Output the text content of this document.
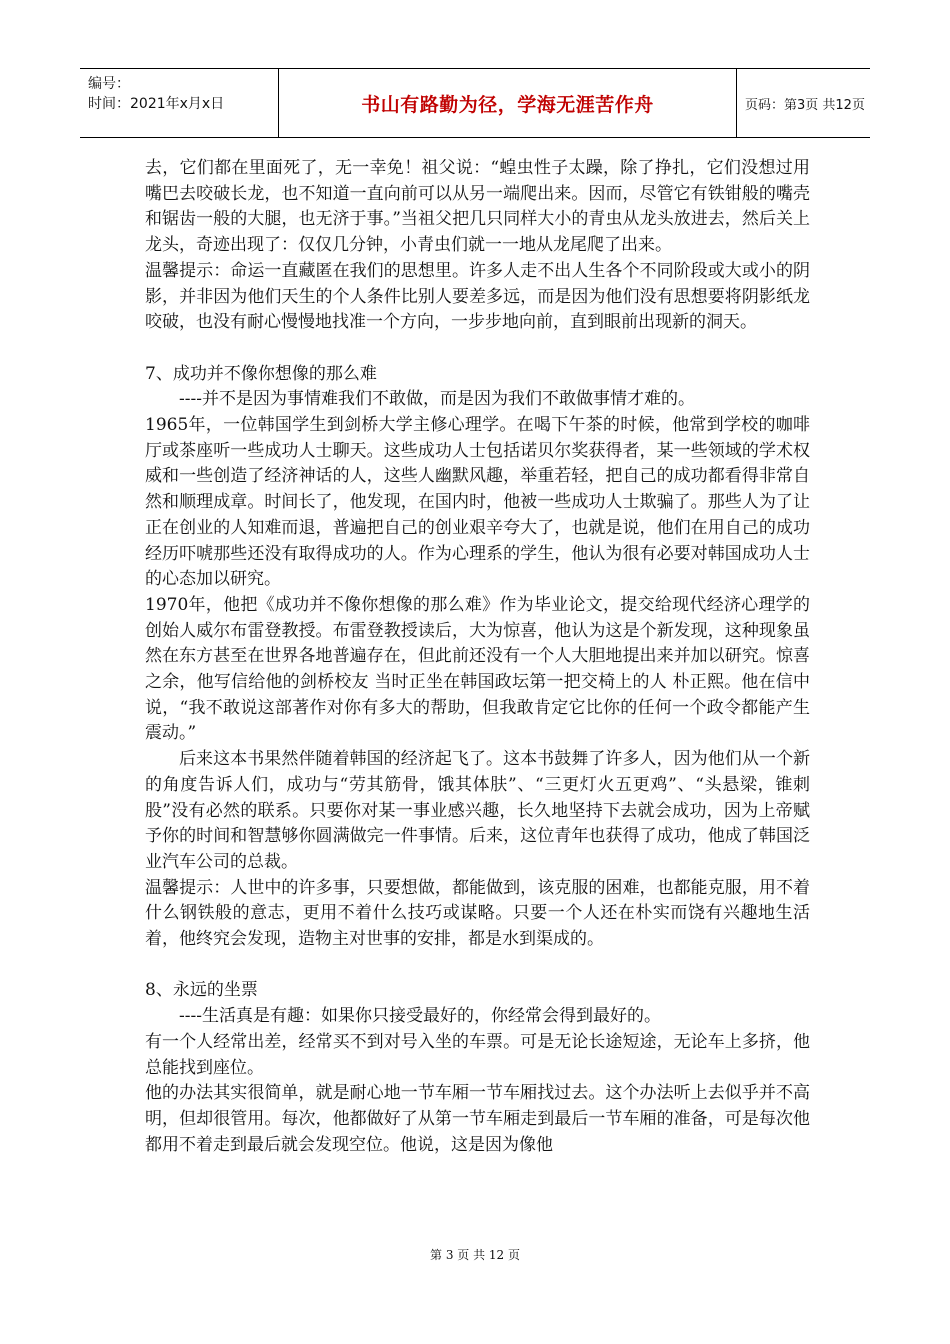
编号：
时间：2021年x月x日	书山有路勤为径，学海无涯苦作舟	页码：第3页 共12页

去，它们都在里面死了，无一幸免！祖父说：“蝗虫性子太躁，除了挣扎，它们没想过用嘴巴去咬破长龙，也不知道一直向前可以从另一端爬出来。因而，尽管它有铁钳般的嘴壳和锯齿一般的大腿，也无济于事。”当祖父把几只同样大小的青虫从龙头放进去，然后关上龙头，奇迹出现了：仅仅几分钟，小青虫们就一一地从龙尾爬了出来。

温馨提示：命运一直藏匿在我们的思想里。许多人走不出人生各个不同阶段或大或小的阴影，并非因为他们天生的个人条件比别人要差多远，而是因为他们没有思想要将阴影纸龙咬破，也没有耐心慢慢地找准一个方向，一步步地向前，直到眼前出现新的洞天。

7、成功并不像你想像的那么难

----并不是因为事情难我们不敢做，而是因为我们不敢做事情才难的。

1965年，一位韩国学生到剑桥大学主修心理学。在喝下午茶的时候，他常到学校的咖啡厅或茶座听一些成功人士聊天。这些成功人士包括诺贝尔奖获得者，某一些领域的学术权威和一些创造了经济神话的人，这些人幽默风趣，举重若轻，把自己的成功都看得非常自然和顺理成章。时间长了，他发现，在国内时，他被一些成功人士欺骗了。那些人为了让正在创业的人知难而退，普遍把自己的创业艰辛夸大了，也就是说，他们在用自己的成功经历吓唬那些还没有取得成功的人。作为心理系的学生，他认为很有必要对韩国成功人士的心态加以研究。

1970年，他把《成功并不像你想像的那么难》作为毕业论文，提交给现代经济心理学的创始人威尔布雷登教授。布雷登教授读后，大为惊喜，他认为这是个新发现，这种现象虽然在东方甚至在世界各地普遍存在，但此前还没有一个人大胆地提出来并加以研究。惊喜之余，他写信给他的剑桥校友 当时正坐在韩国政坛第一把交椅上的人 朴正熙。他在信中说，“我不敢说这部著作对你有多大的帮助，但我敢肯定它比你的任何一个政令都能产生震动。”

后来这本书果然伴随着韩国的经济起飞了。这本书鼓舞了许多人，因为他们从一个新的角度告诉人们，成功与“劳其筋骨，饿其体肤”、“三更灯火五更鸡”、“头悬梁，锥刺股”没有必然的联系。只要你对某一事业感兴趣，长久地坚持下去就会成功，因为上帝赋予你的时间和智慧够你圆满做完一件事情。后来，这位青年也获得了成功，他成了韩国泛业汽车公司的总裁。

温馨提示：人世中的许多事，只要想做，都能做到，该克服的困难，也都能克服，用不着什么钢铁般的意志，更用不着什么技巧或谋略。只要一个人还在朴实而饶有兴趣地生活着，他终究会发现，造物主对世事的安排，都是水到渠成的。

8、永远的坐票

----生活真是有趣：如果你只接受最好的，你经常会得到最好的。

有一个人经常出差，经常买不到对号入坐的车票。可是无论长途短途，无论车上多挤，他总能找到座位。

他的办法其实很简单，就是耐心地一节车厢一节车厢找过去。这个办法听上去似乎并不高明，但却很管用。每次，他都做好了从第一节车厢走到最后一节车厢的准备，可是每次他都用不着走到最后就会发现空位。他说，这是因为像他

第 3 页 共 12 页
